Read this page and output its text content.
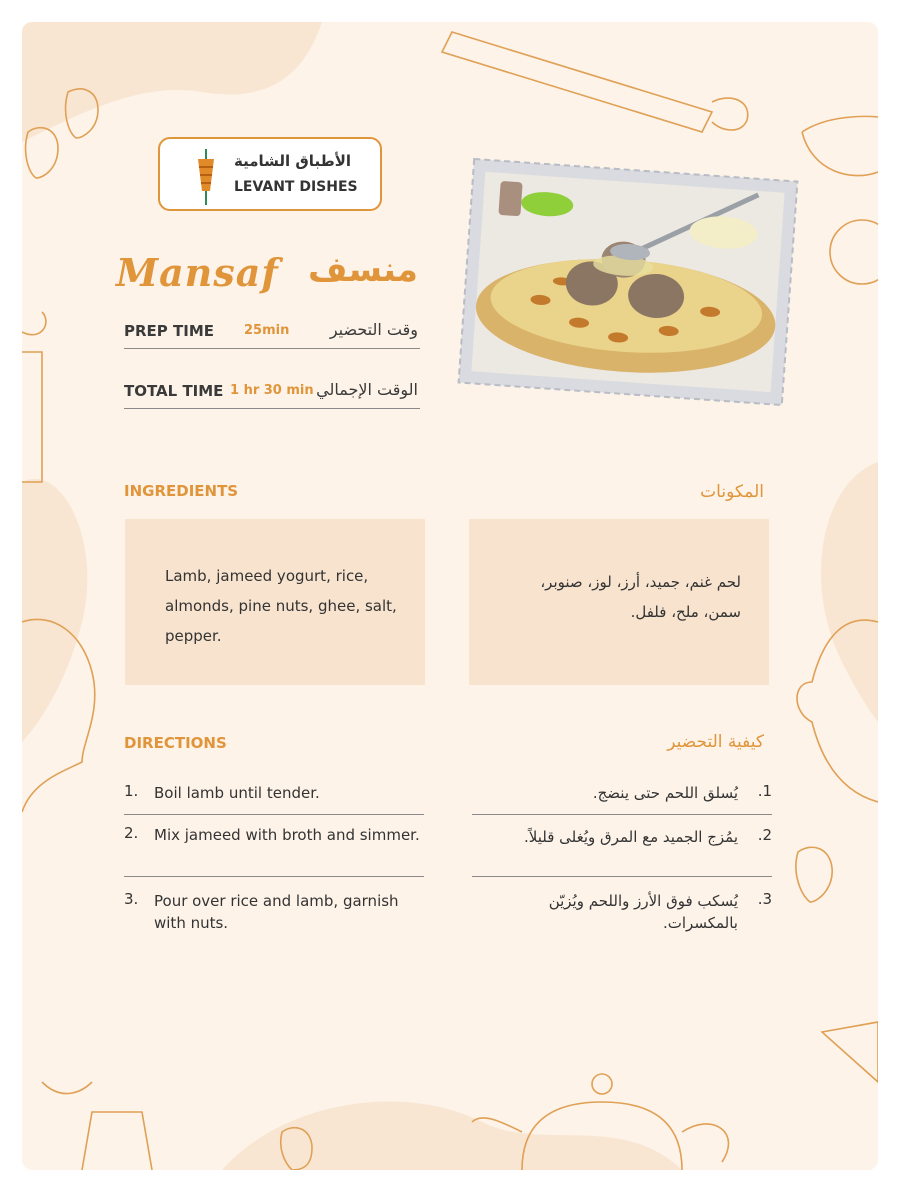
الأطباق الشامية
LEVANT DISHES
Mansaf منسف
PREP TIME 25min	وقت التحضير
TOTAL TIME 1 hr 30 min الوقت الإجمالي
INGREDIENTS	المكونات
Lamb, jameed yogurt, rice, almonds, pine nuts, ghee, salt, pepper.
لحم غنم، جميد، أرز، لوز، صنوبر، سمن، ملح، فلفل.
DIRECTIONS	كيفية التحضير
1. Boil lamb until tender.
2. Mix jameed with broth and simmer.
3. Pour over rice and lamb, garnish with nuts.
.1
يُسلق اللحم حتى ينضج.
.2
يمُزج الجميد مع المرق ويُغلى قليلاً.
.3
يُسكب فوق الأرز واللحم ويُزيّن بالمكسرات.
